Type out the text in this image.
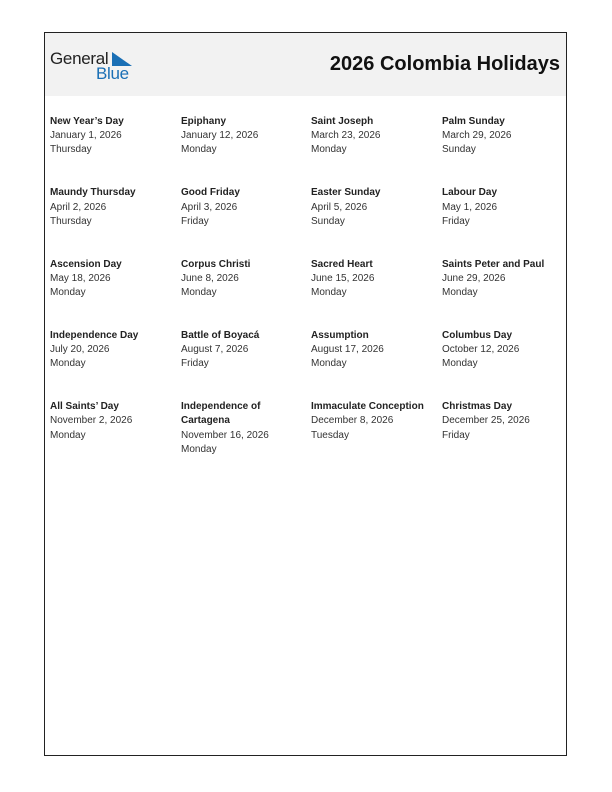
General
Blue	2026 Colombia Holidays
New Year’s Day
January 1, 2026
Thursday
Epiphany
January 12, 2026
Monday
Saint Joseph
March 23, 2026
Monday
Palm Sunday
March 29, 2026
Sunday
Maundy Thursday
April 2, 2026
Thursday
Good Friday
April 3, 2026
Friday
Easter Sunday
April 5, 2026
Sunday
Labour Day
May 1, 2026
Friday
Ascension Day
May 18, 2026
Monday
Corpus Christi
June 8, 2026
Monday
Sacred Heart
June 15, 2026
Monday
Saints Peter and Paul
June 29, 2026
Monday
Independence Day
July 20, 2026
Monday
Battle of Boyacá
August 7, 2026
Friday
Assumption
August 17, 2026
Monday
Columbus Day
October 12, 2026
Monday
All Saints’ Day
November 2, 2026
Monday
Independence of Cartagena
November 16, 2026
Monday
Immaculate Conception
December 8, 2026
Tuesday
Christmas Day
December 25, 2026
Friday
